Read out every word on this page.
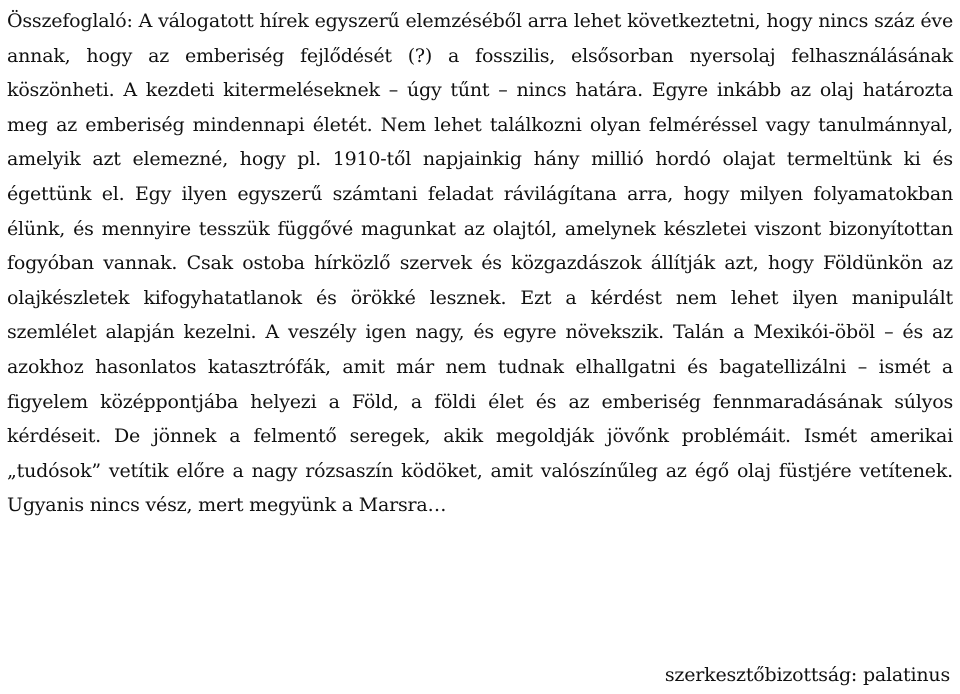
Összefoglaló: A válogatott hírek egyszerű elemzéséből arra lehet következtetni, hogy nincs száz éve annak, hogy az emberiség fejlődését (?) a fosszilis, elsősorban nyersolaj felhasználásának köszönheti. A kezdeti kitermeléseknek – úgy tűnt – nincs határa. Egyre inkább az olaj határozta meg az emberiség mindennapi életét. Nem lehet találkozni olyan felméréssel vagy tanulmánnyal, amelyik azt elemezné, hogy pl. 1910-től napjainkig hány millió hordó olajat termeltünk ki és égettünk el. Egy ilyen egyszerű számtani feladat rávilágítana arra, hogy milyen folyamatokban élünk, és mennyire tesszük függővé magunkat az olajtól, amelynek készletei viszont bizonyítottan fogyóban vannak. Csak ostoba hírközlő szervek és közgazdászok állítják azt, hogy Földünkön az olajkészletek kifogyhatatlanok és örökké lesznek. Ezt a kérdést nem lehet ilyen manipulált szemlélet alapján kezelni. A veszély igen nagy, és egyre növekszik. Talán a Mexikói-öböl – és az azokhoz hasonlatos katasztrófák, amit már nem tudnak elhallgatni és bagatellizálni – ismét a figyelem középpontjába helyezi a Föld, a földi élet és az emberiség fennmaradásának súlyos kérdéseit. De jönnek a felmentő seregek, akik megoldják jövőnk problémáit. Ismét amerikai „tudósok” vetítik előre a nagy rózsaszín ködöket, amit valószínűleg az égő olaj füstjére vetítenek. Ugyanis nincs vész, mert megyünk a Marsra…

szerkesztőbizottság: palatinus
